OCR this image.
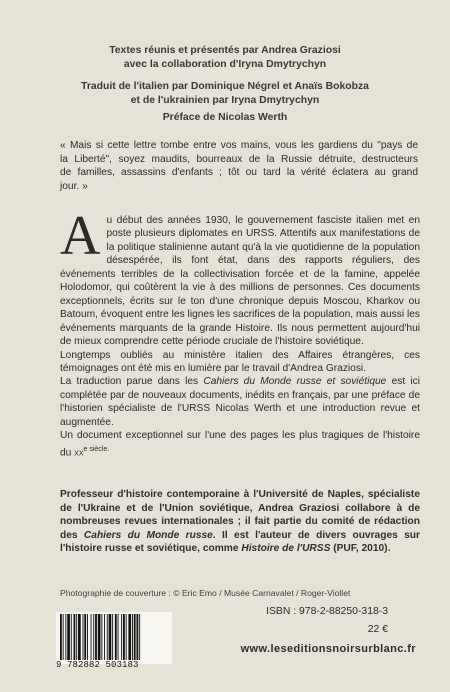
Textes réunis et présentés par Andrea Graziosi

avec la collaboration d'Iryna Dmytrychyn

Traduit de l'italien par Dominique Négrel et Anaïs Bokobza

et de l'ukrainien par Iryna Dmytrychyn

Préface de Nicolas Werth

« Mais si cette lettre tombe entre vos mains, vous les gardiens du "pays de

la Liberté", soyez maudits, bourreaux de la Russie détruite, destructeurs

de familles, assassins d'enfants ; tôt ou tard la vérité éclatera au grand

jour. »

Au début des années 1930, le gouvernement fasciste italien met en poste plusieurs diplomates en URSS. Attentifs aux manifestations de la politique stalinienne autant qu'à la vie quotidienne de la population désespérée, ils font état, dans des rapports réguliers, des événements terribles de la collectivisation forcée et de la famine, appelée Holodomor, qui coûtèrent la vie à des millions de personnes. Ces documents exceptionnels, écrits sur le ton d'une chronique depuis Moscou, Kharkov ou Batoum, évoquent entre les lignes les sacrifices de la population, mais aussi les événements marquants de la grande Histoire. Ils nous permettent aujourd'hui de mieux comprendre cette période cruciale de l'histoire soviétique.

Longtemps oubliés au ministère italien des Affaires étrangères, ces témoignages ont été mis en lumière par le travail d'Andrea Graziosi.

La traduction parue dans les Cahiers du Monde russe et soviétique est ici complétée par de nouveaux documents, inédits en français, par une préface de l'historien spécialiste de l'URSS Nicolas Werth et une introduction revue et augmentée.

Un document exceptionnel sur l'une des pages les plus tragiques de l'histoire du $xx^{e siècle.}$

Professeur d'histoire contemporaine à l'Université de Naples, spécialiste de l'Ukraine et de l'Union soviétique, Andrea Graziosi collabore à de nombreuses revues internationales ; il fait partie du comité de rédaction des Cahiers du Monde russe. Il est l'auteur de divers ouvrages sur l'histoire russe et soviétique, comme Histoire de l'URSS (PUF, 2010).

Photographie de couverture : © Eric Emo / Musée Carnavalet / Roger-Viollet
ISBN : 978-2-88250-318-3
22 €
9 782882 503183
www.leseditionsnoirsurblanc.fr
